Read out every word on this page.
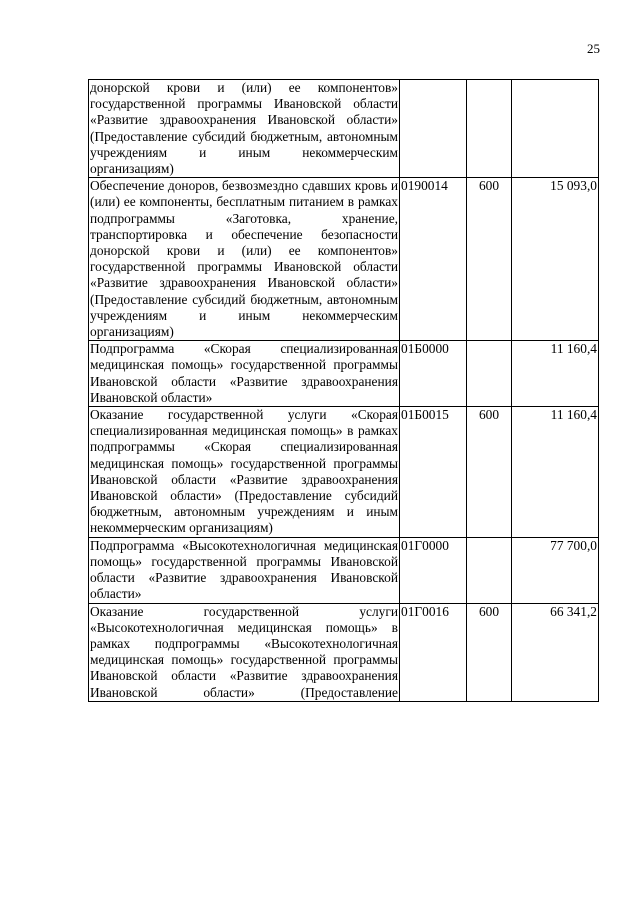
25
донорской крови и (или) ее компонентов» государственной программы Ивановской области «Развитие здравоохранения Ивановской области» (Предоставление субсидий бюджетным, автономным учреждениям и иным некоммерческим организациям)			
Обеспечение доноров, безвозмездно сдавших кровь и (или) ее компоненты, бесплатным питанием в рамках подпрограммы «Заготовка, хранение, транспортировка и обеспечение безопасности донорской крови и (или) ее компонентов» государственной программы Ивановской области «Развитие здравоохранения Ивановской области» (Предоставление субсидий бюджетным, автономным учреждениям и иным некоммерческим организациям)	0190014	600	15 093,0
Подпрограмма «Скорая специализированная медицинская помощь» государственной программы Ивановской области «Развитие здравоохранения Ивановской области»	01Б0000		11 160,4
Оказание государственной услуги «Скорая специализированная медицинская помощь» в рамках подпрограммы «Скорая специализированная медицинская помощь» государственной программы Ивановской области «Развитие здравоохранения Ивановской области» (Предоставление субсидий бюджетным, автономным учреждениям и иным некоммерческим организациям)	01Б0015	600	11 160,4
Подпрограмма «Высокотехнологичная медицинская помощь» государственной программы Ивановской области «Развитие здравоохранения Ивановской области»	01Г0000		77 700,0
Оказание государственной услуги «Высокотехнологичная медицинская помощь» в рамках подпрограммы «Высокотехнологичная медицинская помощь» государственной программы Ивановской области «Развитие здравоохранения Ивановской области» (Предоставление	01Г0016	600	66 341,2
